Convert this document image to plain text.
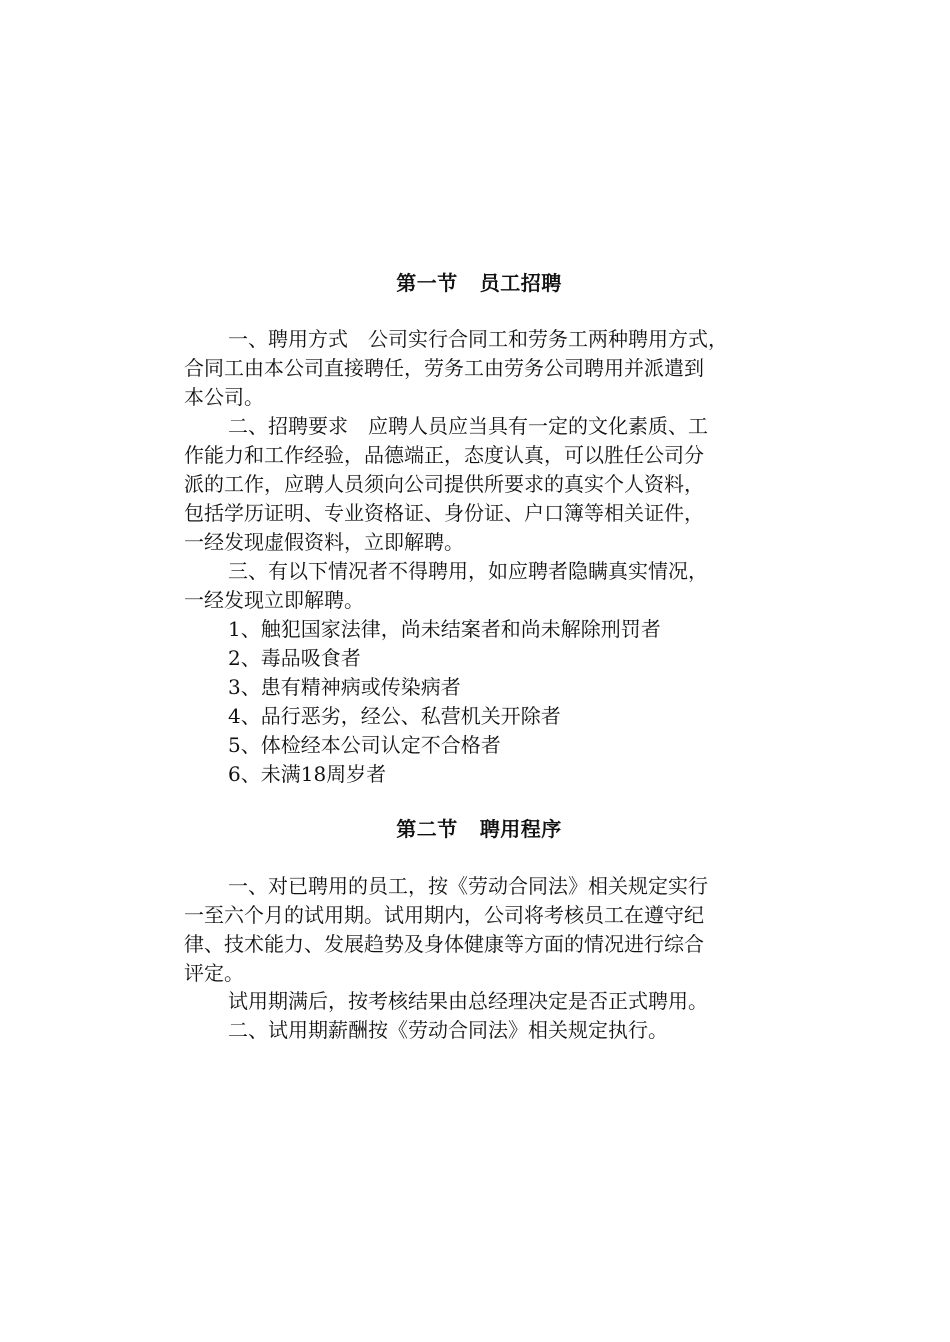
第一节 员工招聘
一、聘用方式　公司实行合同工和劳务工两种聘用方式，
合同工由本公司直接聘任，劳务工由劳务公司聘用并派遣到
本公司。
二、招聘要求　应聘人员应当具有一定的文化素质、工
作能力和工作经验，品德端正，态度认真，可以胜任公司分
派的工作，应聘人员须向公司提供所要求的真实个人资料，
包括学历证明、专业资格证、身份证、户口簿等相关证件，
一经发现虚假资料，立即解聘。
三、有以下情况者不得聘用，如应聘者隐瞒真实情况，
一经发现立即解聘。
1、触犯国家法律，尚未结案者和尚未解除刑罚者
2、毒品吸食者
3、患有精神病或传染病者
4、品行恶劣，经公、私营机关开除者
5、体检经本公司认定不合格者
6、未满18周岁者
第二节 聘用程序
一、对已聘用的员工，按《劳动合同法》相关规定实行
一至六个月的试用期。试用期内，公司将考核员工在遵守纪
律、技术能力、发展趋势及身体健康等方面的情况进行综合
评定。
试用期满后，按考核结果由总经理决定是否正式聘用。
二、试用期薪酬按《劳动合同法》相关规定执行。
